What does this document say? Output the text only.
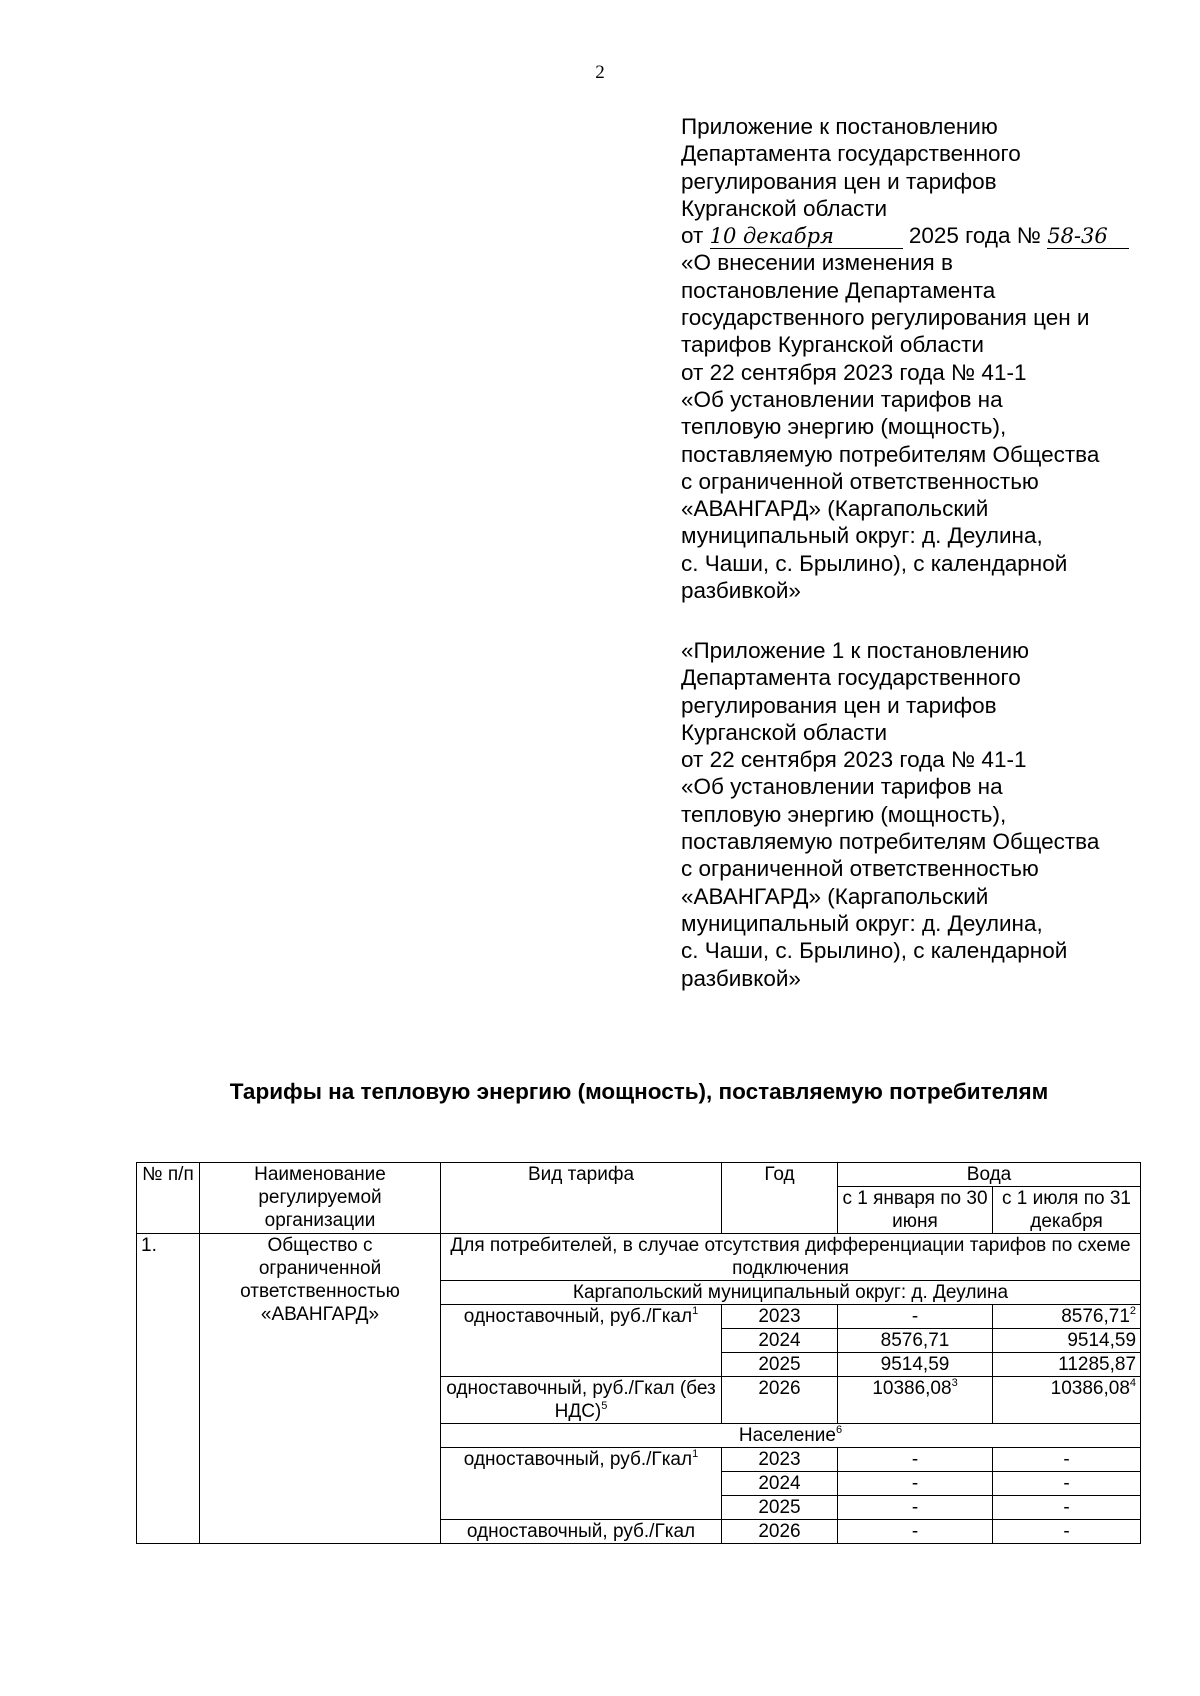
2
Приложение к постановлению
Департамента государственного
регулирования цен и тарифов
Курганской области
от 10 декабря	2025 года № 58-36
«О внесении изменения в
постановление Департамента
государственного регулирования цен и
тарифов Курганской области
от 22 сентября 2023 года № 41-1
«Об установлении тарифов на
тепловую энергию (мощность),
поставляемую потребителям Общества
с ограниченной ответственностью
«АВАНГАРД» (Каргапольский
муниципальный округ: д. Деулина,
с. Чаши, с. Брылино), с календарной
разбивкой»
«Приложение 1 к постановлению
Департамента государственного
регулирования цен и тарифов
Курганской области
от 22 сентября 2023 года № 41-1
«Об установлении тарифов на
тепловую энергию (мощность),
поставляемую потребителям Общества
с ограниченной ответственностью
«АВАНГАРД» (Каргапольский
муниципальный округ: д. Деулина,
с. Чаши, с. Брылино), с календарной
разбивкой»
Тарифы на тепловую энергию (мощность), поставляемую потребителям
№ п/п	Наименование регулируемой организации	Вид тарифа	Год	Вода	
				с 1 января по 30 июня	с 1 июля по 31 декабря

1.	Общество с ограниченной ответственностью «АВАНГАРД»	Для потребителей, в случае отсутствия дифференциации тарифов по схеме подключения			
		Каргапольский муниципальный округ: д. Деулина			
		одноставочный, руб./Гкал$^1$	2023	-	8576,71$^2$
			2024	8576,71	9514,59
			2025	9514,59	11285,87
		одноставочный, руб./Гкал (без НДС)$^5$	2026	10386,08$^3$	10386,08$^4$

		Население$^6$
		одноставочный, руб./Гкал$^1$	2023	-	-
			2024	-	-
			2025	-	-
		одноставочный, руб./Гкал	2026	-	-
